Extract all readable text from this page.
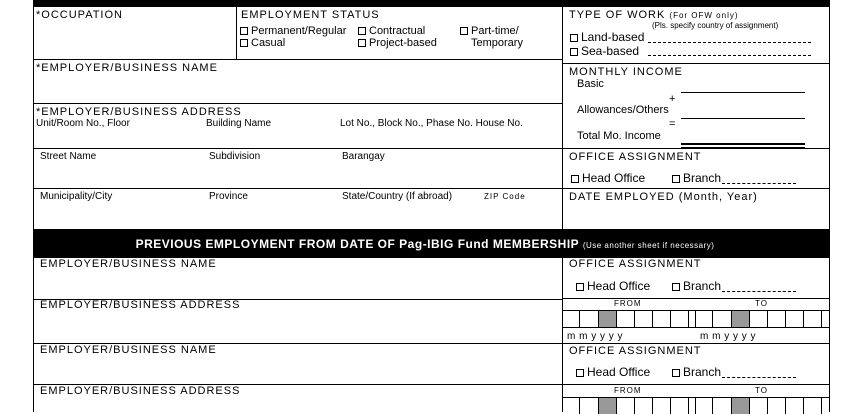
*OCCUPATION	EMPLOYMENT STATUS
Permanent/Regular
Casual
Contractual
Project-based
Part-time/
Temporary
TYPE OF WORK (For OFW only)
(Pls. specify country of assignment)
Land-based
Sea-based
*EMPLOYER/BUSINESS NAME	MONTHLY INCOME
Basic
+
Allowances/Others
=
Total Mo. Income
*EMPLOYER/BUSINESS ADDRESS
Unit/Room No., Floor	Building Name	Lot No., Block No., Phase No. House No.
Street Name	Subdivision	Barangay
Municipality/City	Province	State/Country (If abroad)	ZIP Code
OFFICE ASSIGNMENT
Head Office	Branch
DATE EMPLOYED (Month, Year)
PREVIOUS EMPLOYMENT FROM DATE OF Pag-IBIG Fund MEMBERSHIP (Use another sheet if necessary)
EMPLOYER/BUSINESS NAME
EMPLOYER/BUSINESS ADDRESS
EMPLOYER/BUSINESS NAME
EMPLOYER/BUSINESS ADDRESS
OFFICE ASSIGNMENT
Head Office	Branch
FROM	TO
m m y y y y	m m y y y y
OFFICE ASSIGNMENT
Head Office	Branch
FROM	TO
